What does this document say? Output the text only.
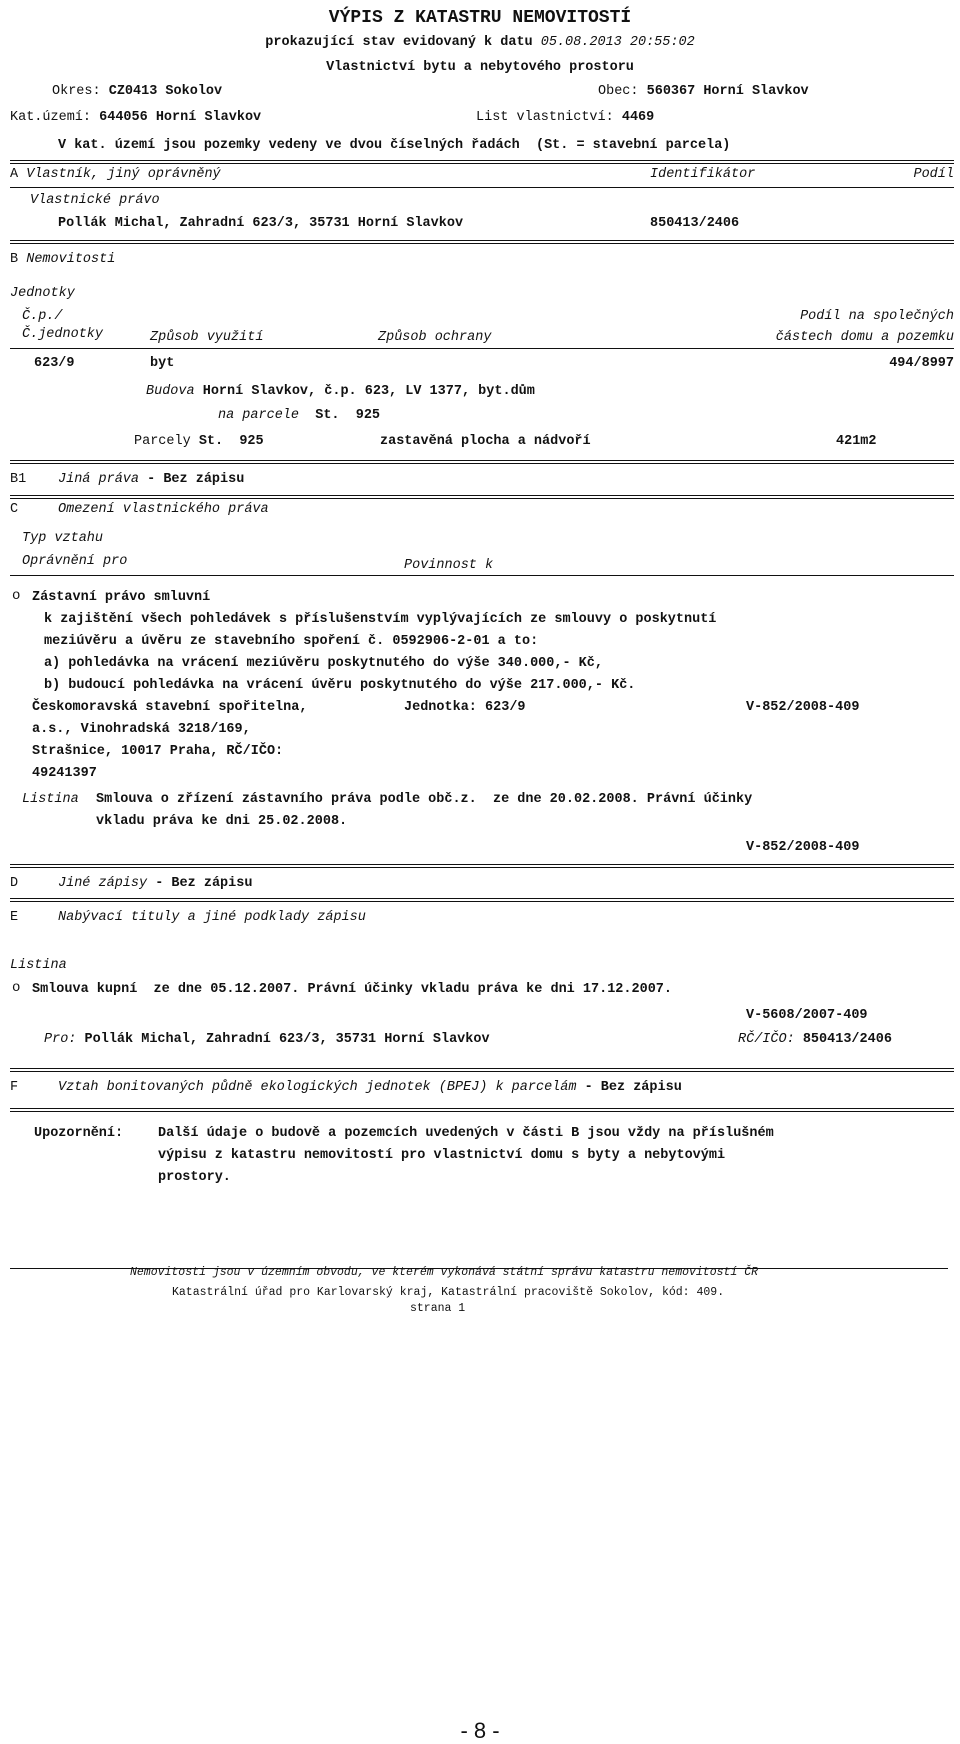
VÝPIS Z KATASTRU NEMOVITOSTÍ
prokazující stav evidovaný k datu 05.08.2013 20:55:02
Vlastnictví bytu a nebytového prostoru
Okres: CZ0413 Sokolov	Obec: 560367 Horní Slavkov
Kat.území: 644056 Horní Slavkov	List vlastnictví: 4469
V kat. území jsou pozemky vedeny ve dvou číselných řadách  (St. = stavební parcela)
A Vlastník, jiný oprávněný	Identifikátor	Podíl
Vlastnické právo
Pollák Michal, Zahradní 623/3, 35731 Horní Slavkov	850413/2406
B Nemovitosti
Jednotky
Č.p./	Podíl na společných
Č.jednotky	Způsob využití	Způsob ochrany	částech domu a pozemku
623/9	byt	494/8997
Budova Horní Slavkov, č.p. 623, LV 1377, byt.dům
na parcele St.  925
Parcely St.  925	zastavěná plocha a nádvoří	421m2
B1 Jiná práva - Bez zápisu
C	Omezení vlastnického práva
Typ vztahu
Oprávnění pro	Povinnost k
o Zástavní právo smluvní
k zajištění všech pohledávek s příslušenstvím vyplývajících ze smlouvy o poskytnutí
meziúvěru a úvěru ze stavebního spoření č. 0592906-2-01 a to:
a) pohledávka na vrácení meziúvěru poskytnutého do výše 340.000,- Kč,
b) budoucí pohledávka na vrácení úvěru poskytnutého do výše 217.000,- Kč.
Českomoravská stavební spořitelna,	Jednotka: 623/9	V-852/2008-409
a.s., Vinohradská 3218/169,
Strašnice, 10017 Praha, RČ/IČO:
49241397
Listina Smlouva o zřízení zástavního práva podle obč.z.  ze dne 20.02.2008. Právní účinky
vkladu práva ke dni 25.02.2008.
V-852/2008-409
D	Jiné zápisy - Bez zápisu
E	Nabývací tituly a jiné podklady zápisu
Listina
o Smlouva kupní  ze dne 05.12.2007. Právní účinky vkladu práva ke dni 17.12.2007.
V-5608/2007-409
Pro: Pollák Michal, Zahradní 623/3, 35731 Horní Slavkov	RČ/IČO: 850413/2406
F	Vztah bonitovaných půdně ekologických jednotek (BPEJ) k parcelám - Bez zápisu
Upozornění:	Další údaje o budově a pozemcích uvedených v části B jsou vždy na příslušném
výpisu z katastru nemovitostí pro vlastnictví domu s byty a nebytovými
prostory.
Nemovitosti jsou v územním obvodu, ve kterém vykonává státní správu katastru nemovitostí ČR
Katastrální úřad pro Karlovarský kraj, Katastrální pracoviště Sokolov, kód: 409.
strana 1
- 8 -
